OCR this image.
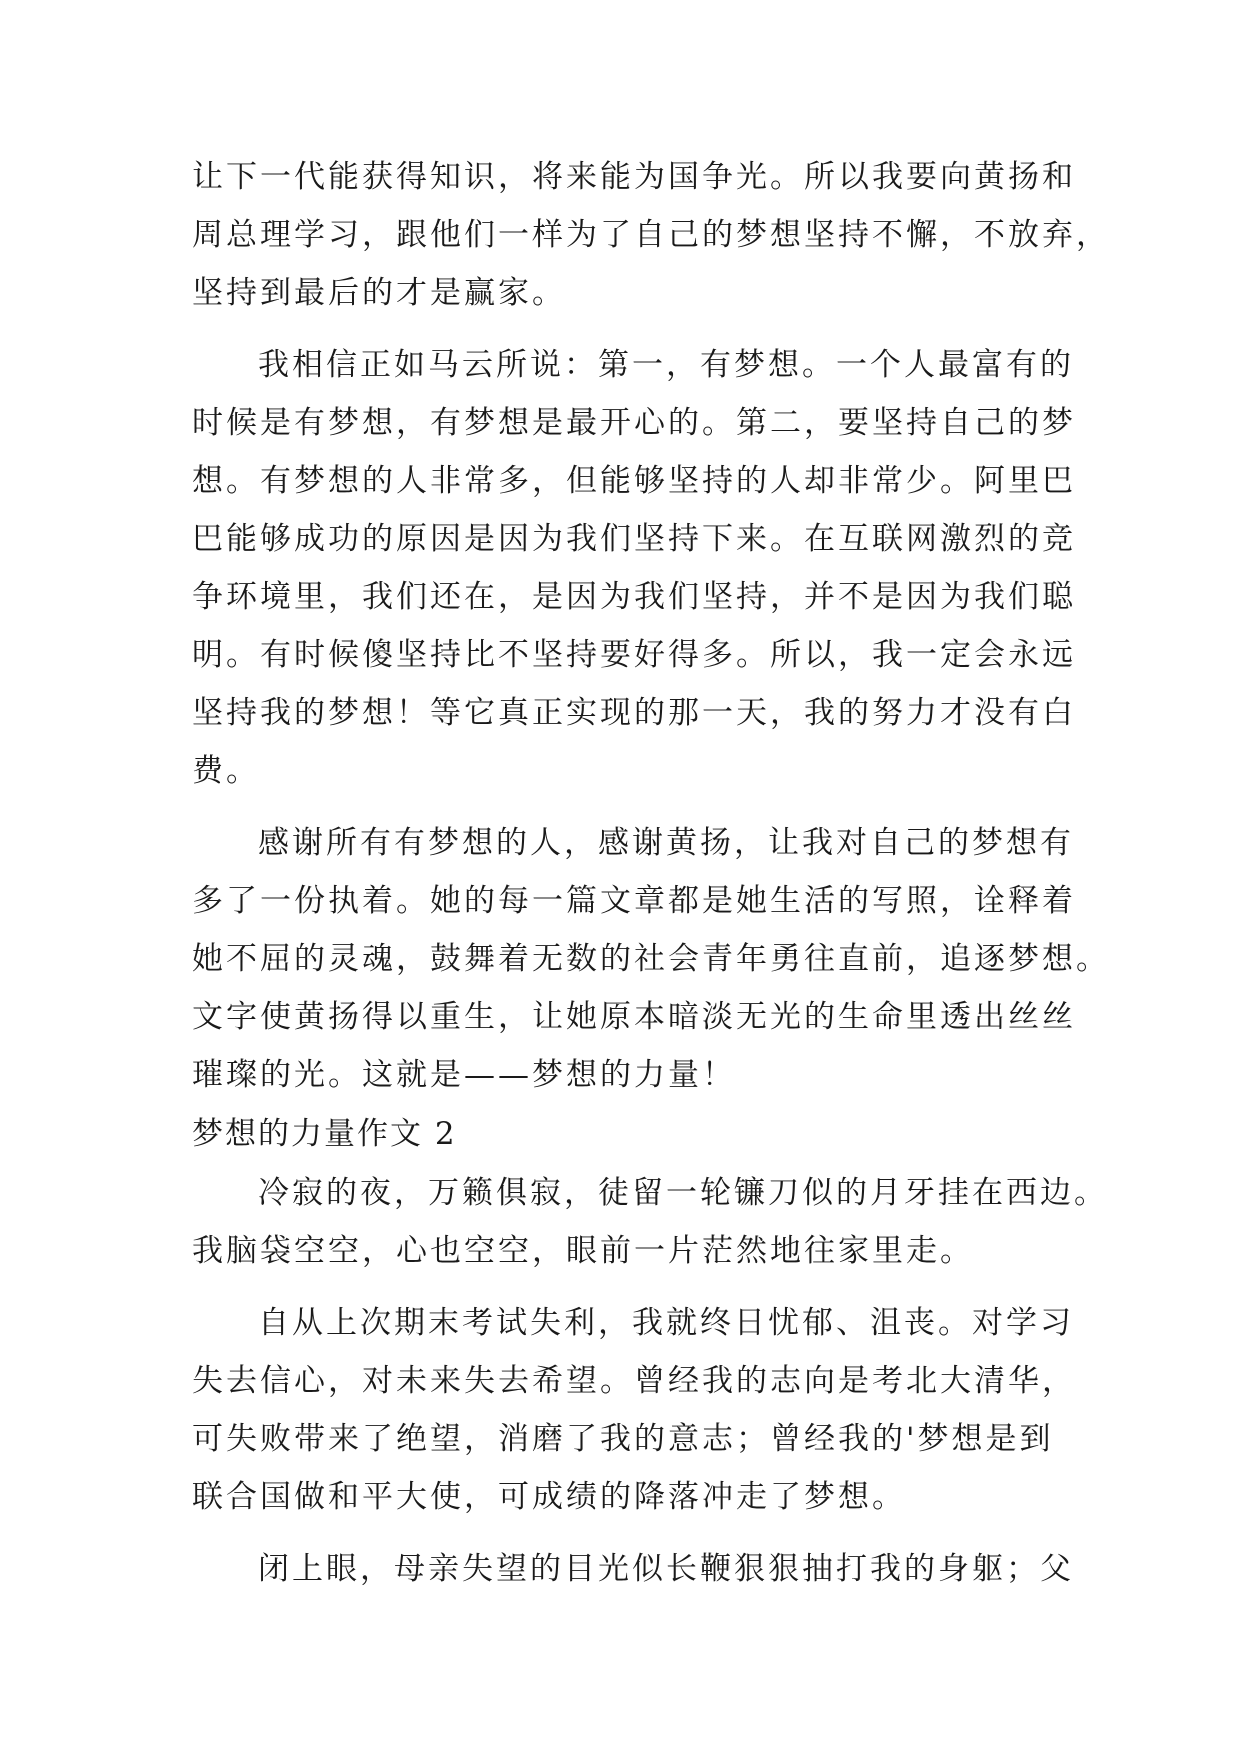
让下一代能获得知识，将来能为国争光。所以我要向黄扬和
周总理学习，跟他们一样为了自己的梦想坚持不懈，不放弃，
坚持到最后的才是赢家。
我相信正如马云所说：第一，有梦想。一个人最富有的
时候是有梦想，有梦想是最开心的。第二，要坚持自己的梦
想。有梦想的人非常多，但能够坚持的人却非常少。阿里巴
巴能够成功的原因是因为我们坚持下来。在互联网激烈的竞
争环境里，我们还在，是因为我们坚持，并不是因为我们聪
明。有时候傻坚持比不坚持要好得多。所以，我一定会永远
坚持我的梦想！等它真正实现的那一天，我的努力才没有白
费。
感谢所有有梦想的人，感谢黄扬，让我对自己的梦想有
多了一份执着。她的每一篇文章都是她生活的写照，诠释着
她不屈的灵魂，鼓舞着无数的社会青年勇往直前，追逐梦想。
文字使黄扬得以重生，让她原本暗淡无光的生命里透出丝丝
璀璨的光。这就是——梦想的力量！
梦想的力量作文 2
冷寂的夜，万籁俱寂，徒留一轮镰刀似的月牙挂在西边。
我脑袋空空，心也空空，眼前一片茫然地往家里走。
自从上次期末考试失利，我就终日忧郁、沮丧。对学习
失去信心，对未来失去希望。曾经我的志向是考北大清华，
可失败带来了绝望，消磨了我的意志；曾经我的'梦想是到
联合国做和平大使，可成绩的降落冲走了梦想。
闭上眼，母亲失望的目光似长鞭狠狠抽打我的身躯；父
